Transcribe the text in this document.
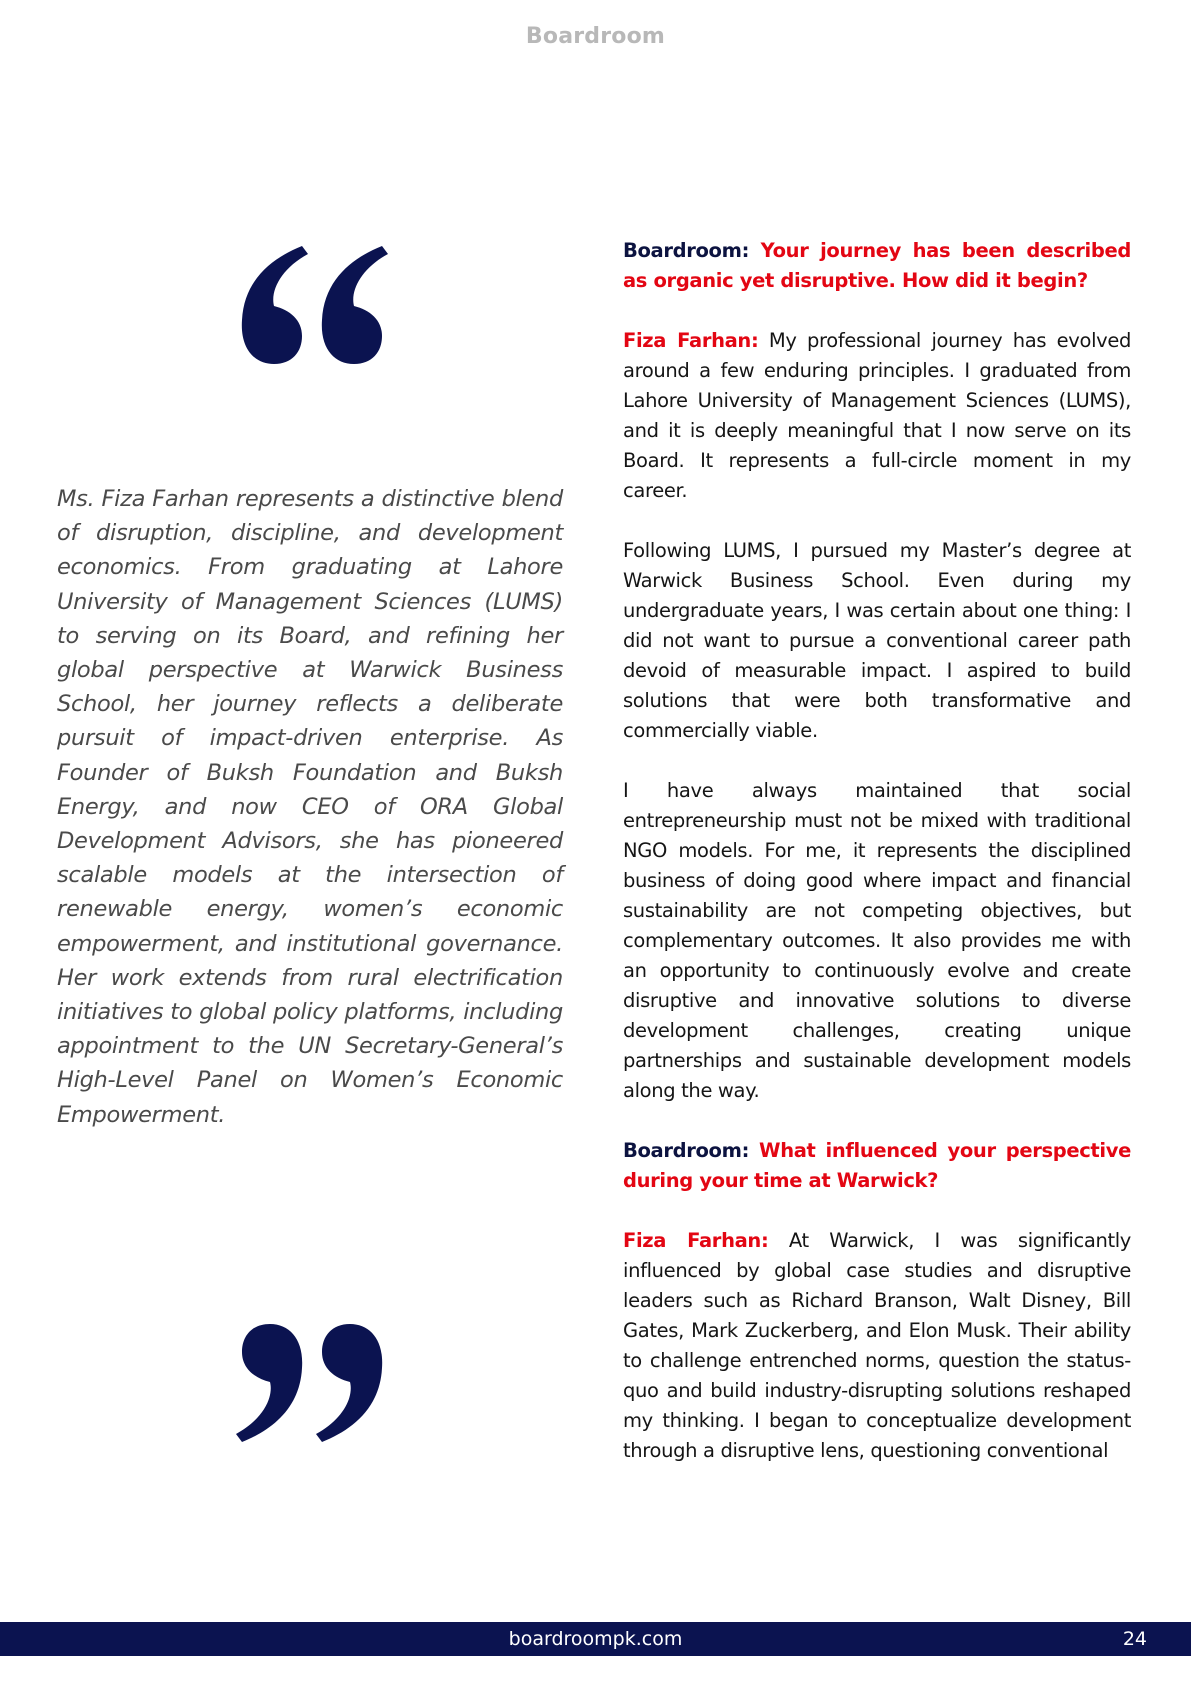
Boardroom

Ms. Fiza Farhan represents a distinctive blend of disruption, discipline, and development economics. From graduating at Lahore University of Management Sciences (LUMS) to serving on its Board, and refining her global perspective at Warwick Business School, her journey reflects a deliberate pursuit of impact-driven enterprise. As Founder of Buksh Foundation and Buksh Energy, and now CEO of ORA Global Development Advisors, she has pioneered scalable models at the intersection of renewable energy, women’s economic empowerment, and institutional governance. Her work extends from rural electrification initiatives to global policy platforms, including appointment to the UN Secretary-General’s High-Level Panel on Women’s Economic Empowerment.

Boardroom: Your journey has been described as organic yet disruptive. How did it begin?

Fiza Farhan: My professional journey has evolved around a few enduring principles. I graduated from Lahore University of Management Sciences (LUMS), and it is deeply meaningful that I now serve on its Board. It represents a full-circle moment in my career.

Following LUMS, I pursued my Master’s degree at Warwick Business School. Even during my undergraduate years, I was certain about one thing: I did not want to pursue a conventional career path devoid of measurable impact. I aspired to build solutions that were both transformative and commercially viable.

I have always maintained that social entrepreneurship must not be mixed with traditional NGO models. For me, it represents the disciplined business of doing good where impact and financial sustainability are not competing objectives, but complementary outcomes. It also provides me with an opportunity to continuously evolve and create disruptive and innovative solutions to diverse development challenges, creating unique partnerships and sustainable development models along the way.

Boardroom: What influenced your perspective during your time at Warwick?

Fiza Farhan: At Warwick, I was significantly influenced by global case studies and disruptive leaders such as Richard Branson, Walt Disney, Bill Gates, Mark Zuckerberg, and Elon Musk. Their ability to challenge entrenched norms, question the status-quo and build industry-disrupting solutions reshaped my thinking. I began to conceptualize development through a disruptive lens, questioning conventional

boardroompk.com	24
